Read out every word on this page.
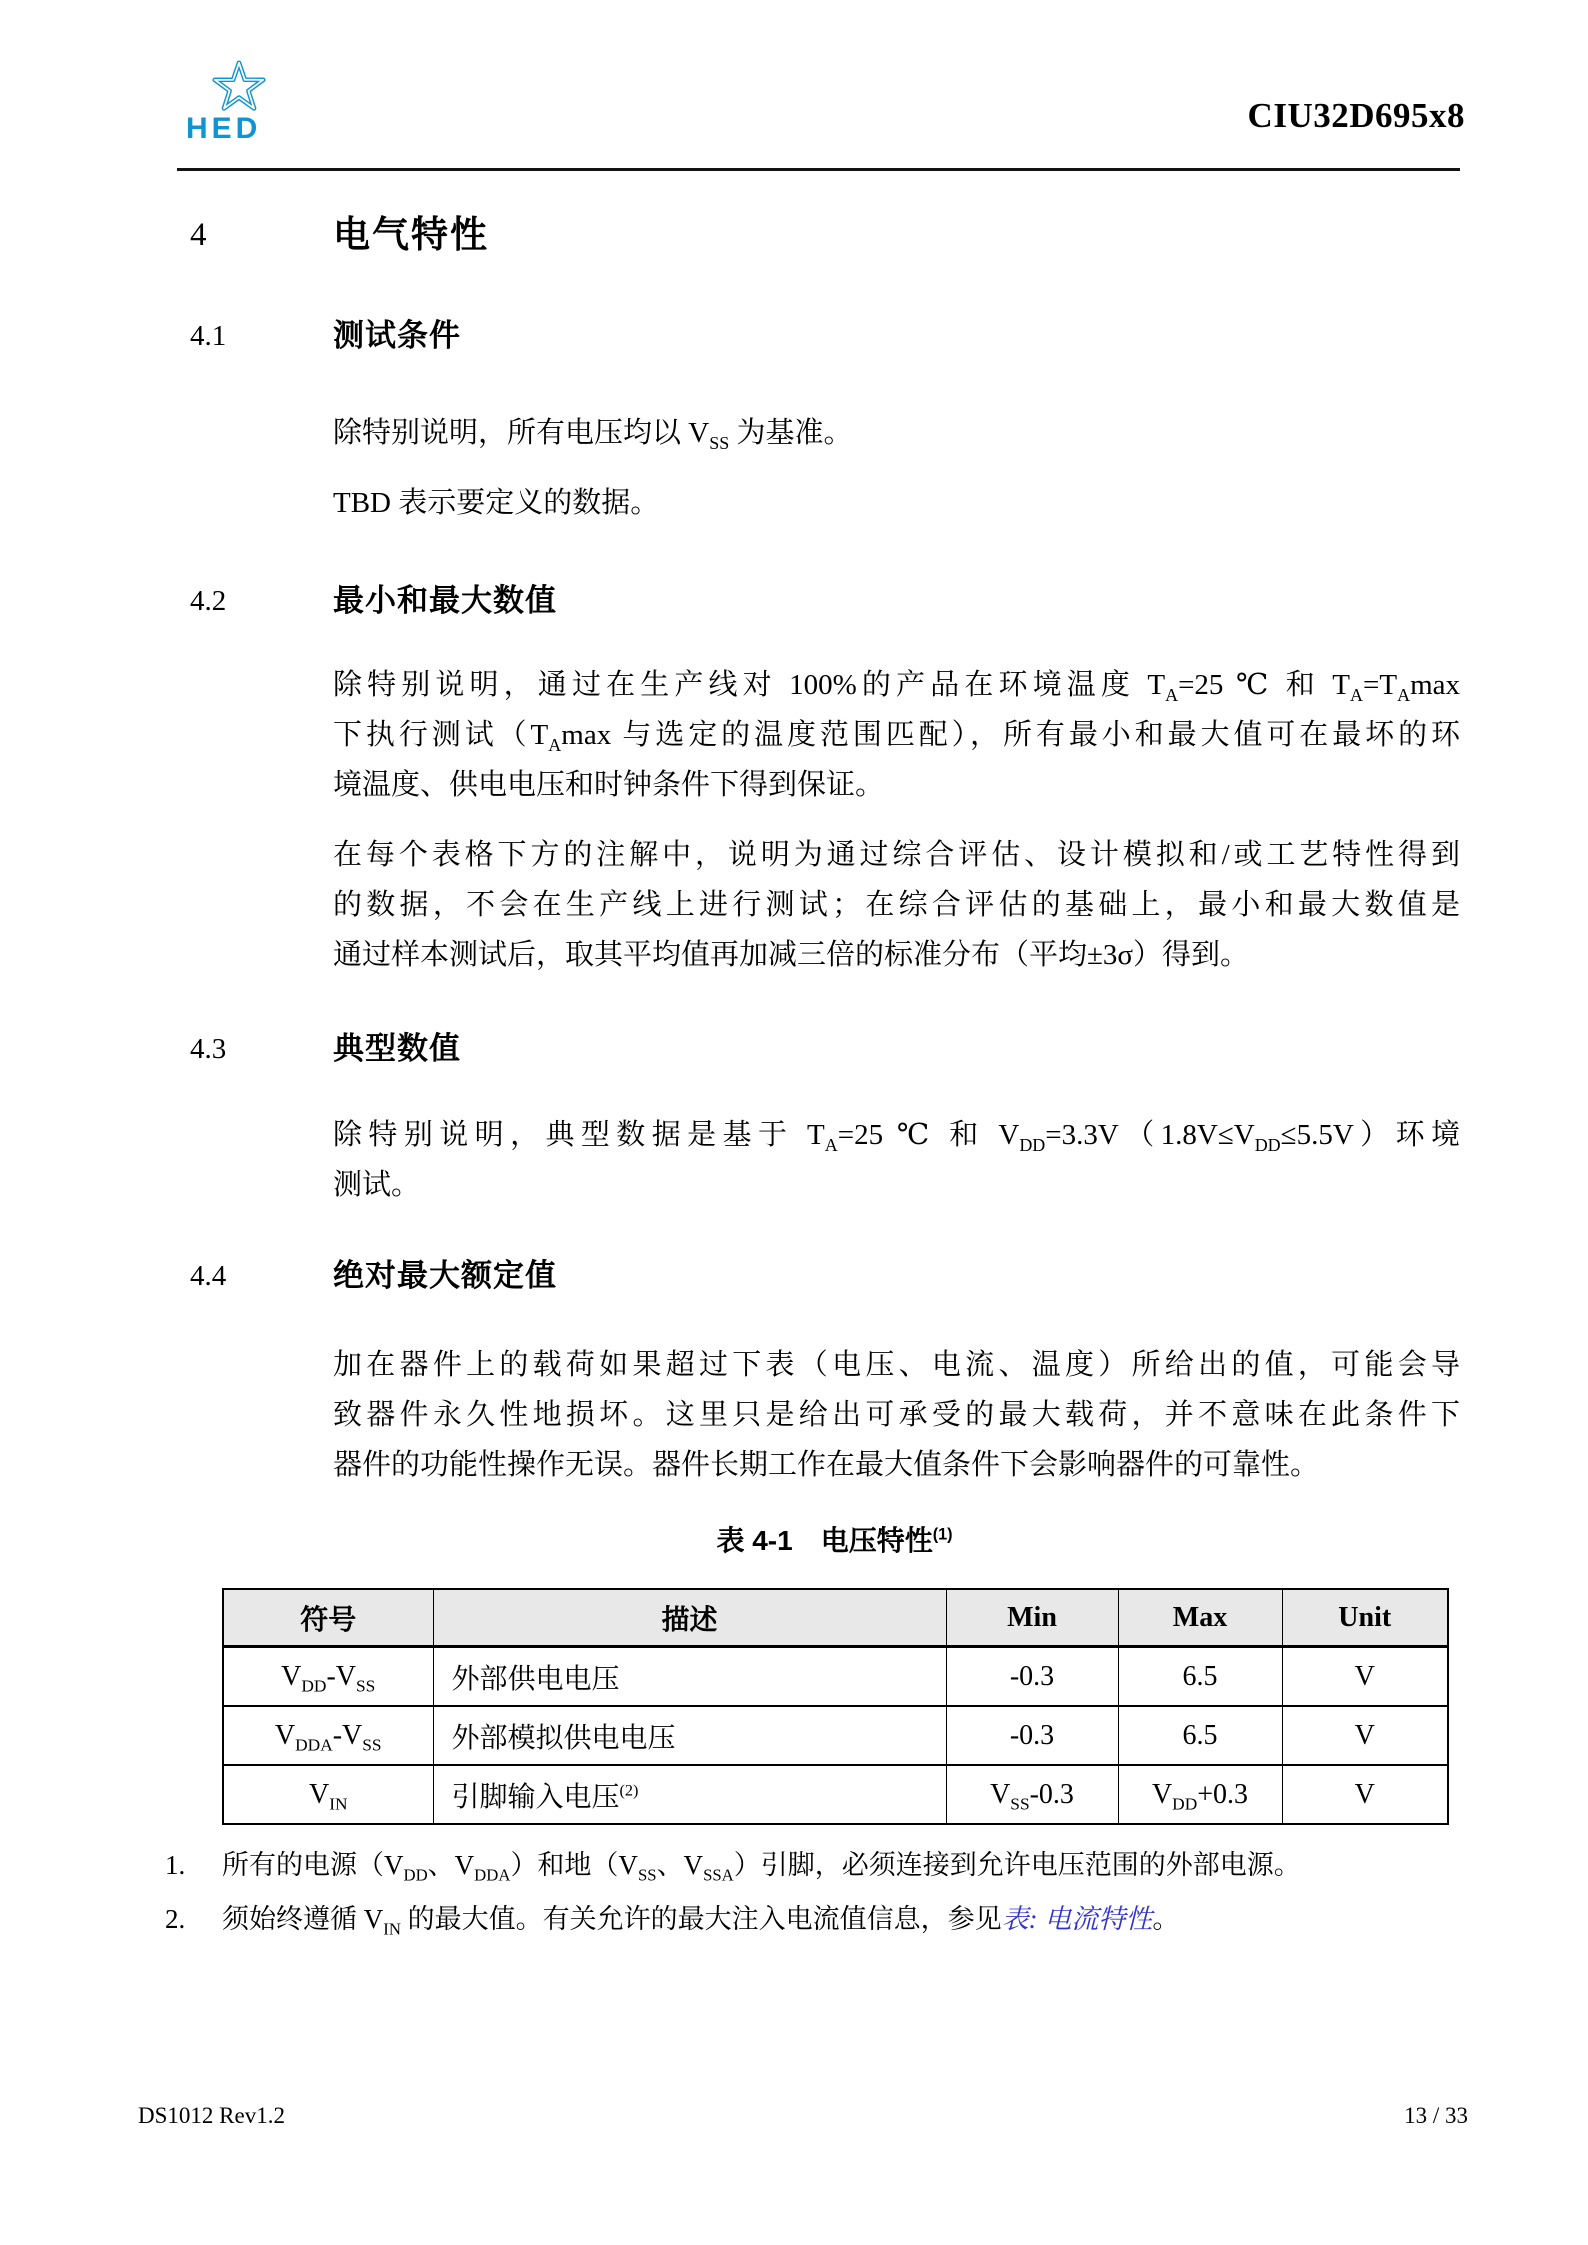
HED	CIU32D695x8
4	电气特性
4.1	测试条件
除特别说明，所有电压均以 $V_{SS}$ 为基准。
TBD 表示要定义的数据。
4.2	最小和最大数值
除特别说明，通过在生产线对 100%的产品在环境温度 $T_A=25$ ℃ 和 $T_A=T_A\max$
下执行测试（$T_A\max$ 与选定的温度范围匹配），所有最小和最大值可在最坏的环
境温度、供电电压和时钟条件下得到保证。
在每个表格下方的注解中，说明为通过综合评估、设计模拟和/或工艺特性得到
的数据，不会在生产线上进行测试；在综合评估的基础上，最小和最大数值是
通过样本测试后，取其平均值再加减三倍的标准分布（平均±3σ）得到。
4.3	典型数值
除特别说明，典型数据是基于 $T_A=25$ ℃ 和 $V_{DD}=3.3V(1.8V\le V_{DD}\le 5.5V)$环境
测试。
4.4	绝对最大额定值
加在器件上的载荷如果超过下表（电压、电流、温度）所给出的值，可能会导
致器件永久性地损坏。这里只是给出可承受的最大载荷，并不意味在此条件下
器件的功能性操作无误。器件长期工作在最大值条件下会影响器件的可靠性。
表 4-1　电压特性$^{(1)}$
符号	描述	Min	Max	Unit
$V_{DD}-V_{SS}$	外部供电电压	-0.3	6.5	V
$V_{DDA}-V_{SS}$	外部模拟供电电压	-0.3	6.5	V
$V_{IN}$	引脚输入电压$^{(2)}$	$V_{SS}-0.3$	$V_{DD}+0.3$	V
1.	所有的电源（$V_{DD}$、$V_{DDA}$）和地（$V_{SS}$、$V_{SSA}$）引脚，必须连接到允许电压范围的外部电源。
2.	须始终遵循 $V_{IN}$ 的最大值。有关允许的最大注入电流值信息，参见表: 电流特性。
DS1012 Rev1.2	13 / 33
